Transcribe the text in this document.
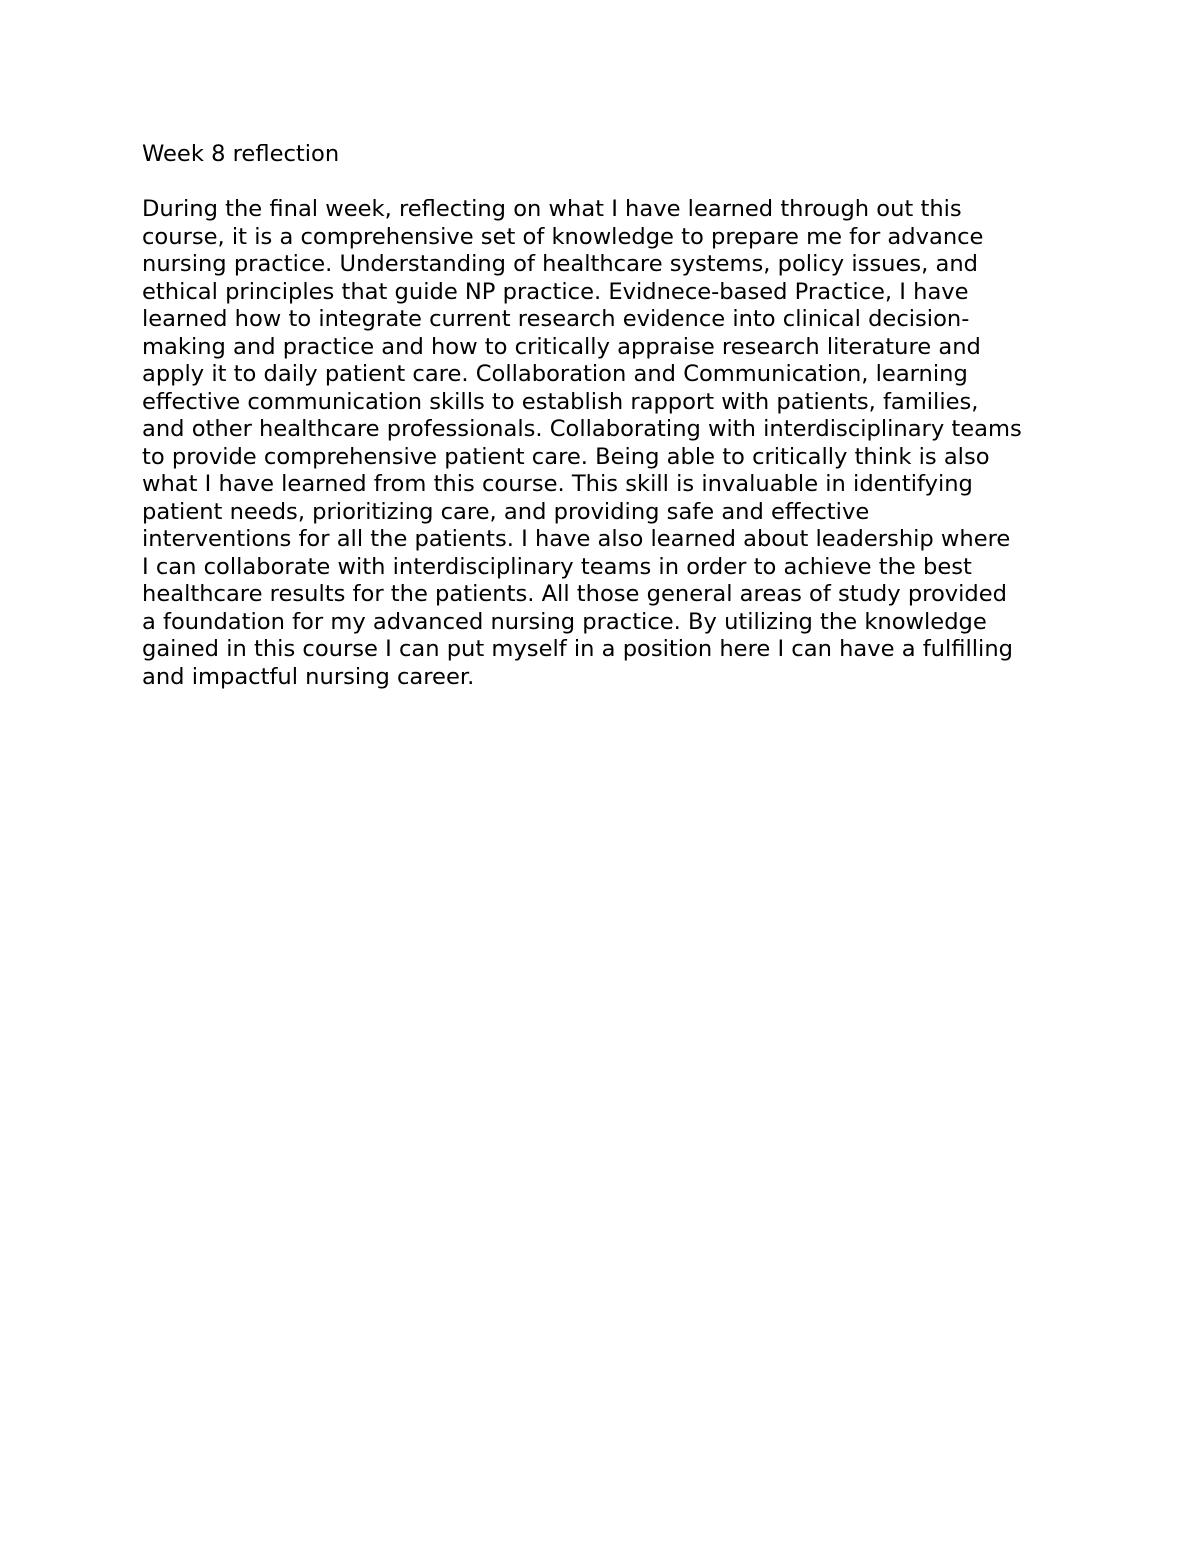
Week 8 reflection
During the final week, reflecting on what I have learned through out this
course, it is a comprehensive set of knowledge to prepare me for advance
nursing practice. Understanding of healthcare systems, policy issues, and
ethical principles that guide NP practice. Evidnece-based Practice, I have
learned how to integrate current research evidence into clinical decision-
making and practice and how to critically appraise research literature and
apply it to daily patient care. Collaboration and Communication, learning
effective communication skills to establish rapport with patients, families,
and other healthcare professionals. Collaborating with interdisciplinary teams
to provide comprehensive patient care. Being able to critically think is also
what I have learned from this course. This skill is invaluable in identifying
patient needs, prioritizing care, and providing safe and effective
interventions for all the patients. I have also learned about leadership where
I can collaborate with interdisciplinary teams in order to achieve the best
healthcare results for the patients. All those general areas of study provided
a foundation for my advanced nursing practice. By utilizing the knowledge
gained in this course I can put myself in a position here I can have a fulfilling
and impactful nursing career.
